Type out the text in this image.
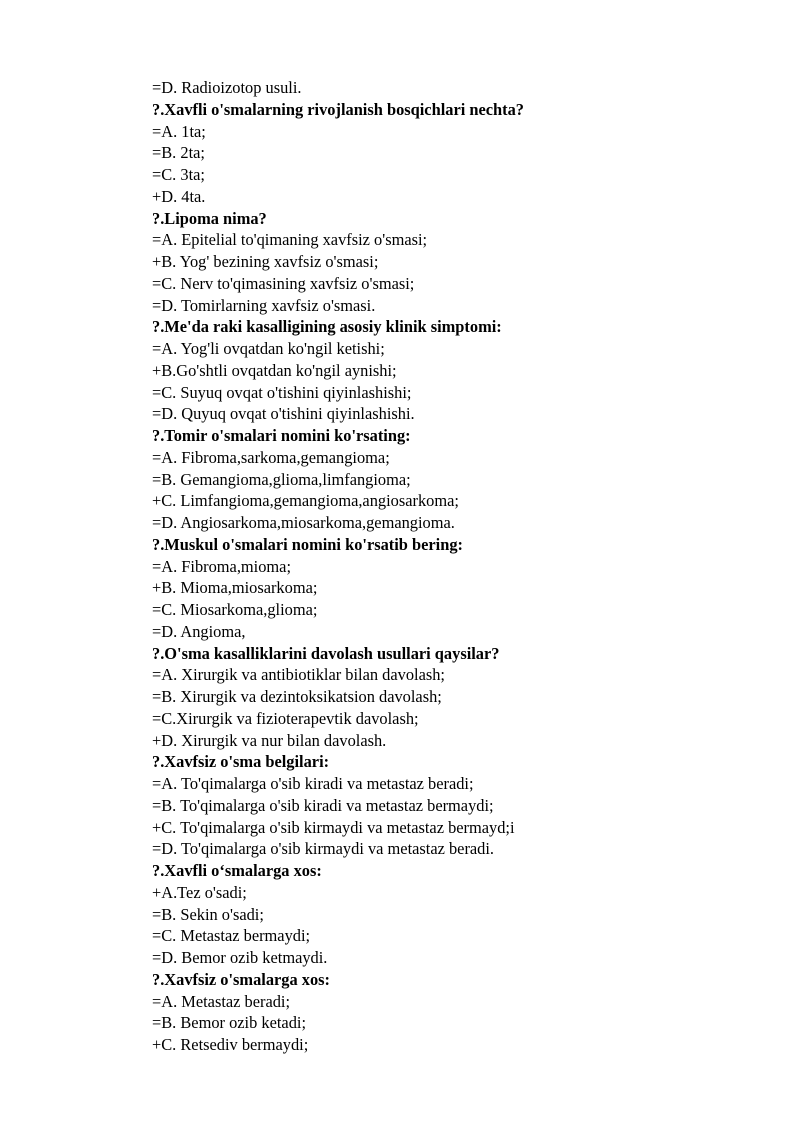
=D. Radioizotop usuli.
?.Xavfli o'smalarning rivojlanish bosqichlari nechta?
=A. 1ta;
=B. 2ta;
=C. 3ta;
+D. 4ta.
?.Lipoma nima?
=A. Epitelial to'qimaning xavfsiz o'smasi;
+B. Yog' bezining xavfsiz o'smasi;
=C. Nerv to'qimasining xavfsiz o'smasi;
=D. Tomirlarning xavfsiz o'smasi.
?.Me'da raki kasalligining asosiy klinik simptomi:
=A. Yog'li ovqatdan ko'ngil ketishi;
+B.Go'shtli ovqatdan ko'ngil aynishi;
=C. Suyuq ovqat o'tishini qiyinlashishi;
=D. Quyuq ovqat o'tishini qiyinlashishi.
?.Tomir o'smalari nomini ko'rsating:
=A. Fibroma,sarkoma,gemangioma;
=B. Gemangioma,glioma,limfangioma;
+C. Limfangioma,gemangioma,angiosarkoma;
=D. Angiosarkoma,miosarkoma,gemangioma.
?.Muskul o'smalari nomini ko'rsatib bering:
=A. Fibroma,mioma;
+B. Mioma,miosarkoma;
=C. Miosarkoma,glioma;
=D. Angioma,
?.O'sma kasalliklarini davolash usullari qaysilar?
=A. Xirurgik va antibiotiklar bilan davolash;
=B. Xirurgik va dezintoksikatsion davolash;
=C.Xirurgik va fizioterapevtik davolash;
+D. Xirurgik va nur bilan davolash.
?.Xavfsiz o'sma belgilari:
=A. To'qimalarga o'sib kiradi va metastaz beradi;
=B. To'qimalarga o'sib kiradi va metastaz bermaydi;
+C. To'qimalarga o'sib kirmaydi va metastaz bermayd;i
=D. To'qimalarga o'sib kirmaydi va metastaz beradi.
?.Xavfli oʻsmalarga xos:
+A.Tez o'sadi;
=B. Sekin o'sadi;
=C. Metastaz bermaydi;
=D. Bemor ozib ketmaydi.
?.Xavfsiz o'smalarga xos:
=A. Metastaz beradi;
=B. Bemor ozib ketadi;
+C. Retsediv bermaydi;
